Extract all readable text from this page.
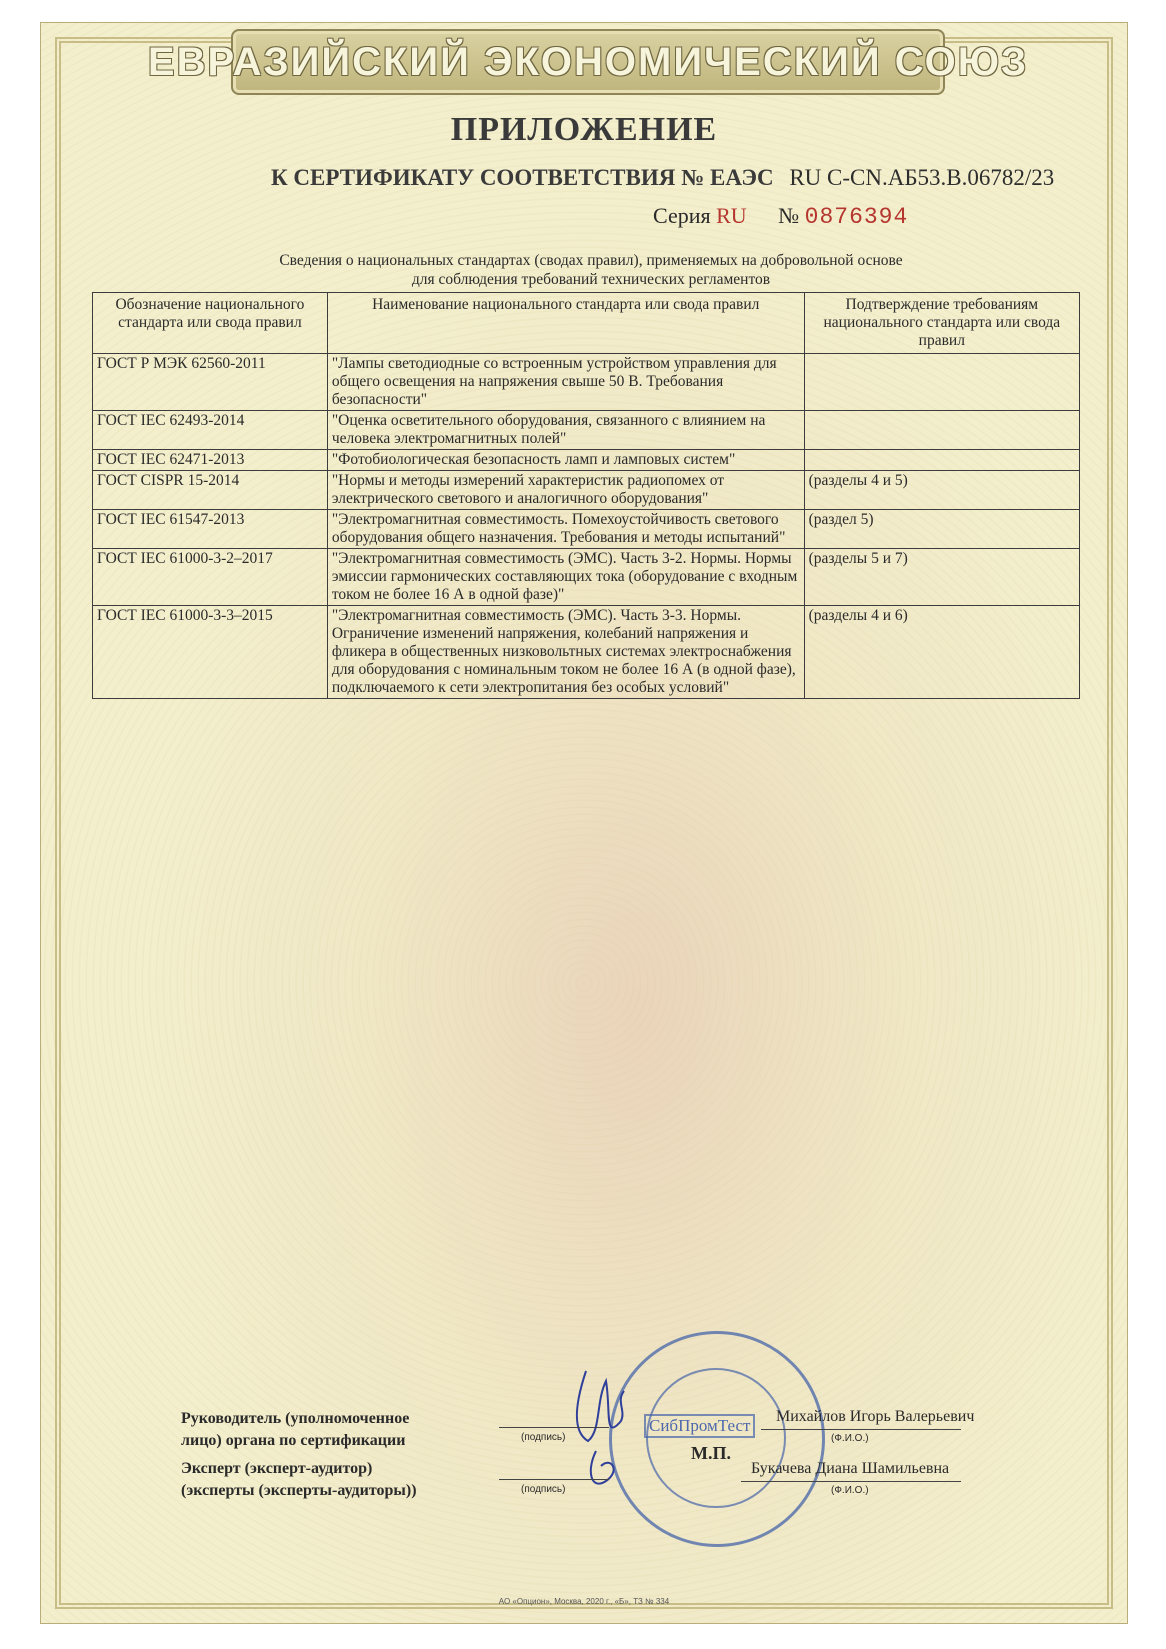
ЕВРАЗИЙСКИЙ ЭКОНОМИЧЕСКИЙ СОЮЗ
ПРИЛОЖЕНИЕ
К СЕРТИФИКАТУ СООТВЕТСТВИЯ № ЕАЭС RU C-CN.АБ53.В.06782/23
Серия RU № 0876394
Сведения о национальных стандартах (сводах правил), применяемых на добровольной основе
для соблюдения требований технических регламентов
Обозначение национального стандарта или свода правил	Наименование национального стандарта или свода правил	Подтверждение требованиям национального стандарта или свода правил
ГОСТ Р МЭК 62560-2011	"Лампы светодиодные со встроенным устройством управления для общего освещения на напряжения свыше 50 В. Требования безопасности"	
ГОСТ IEC 62493-2014	"Оценка осветительного оборудования, связанного с влиянием на человека электромагнитных полей"	
ГОСТ IEC 62471-2013	"Фотобиологическая безопасность ламп и ламповых систем"	
ГОСТ CISPR 15-2014	"Нормы и методы измерений характеристик радиопомех от электрического светового и аналогичного оборудования"	(разделы 4 и 5)
ГОСТ IEC 61547-2013	"Электромагнитная совместимость. Помехоустойчивость светового оборудования общего назначения. Требования и методы испытаний"	(раздел 5)
ГОСТ IEC 61000-3-2–2017	"Электромагнитная совместимость (ЭМС). Часть 3-2. Нормы. Нормы эмиссии гармонических составляющих тока (оборудование с входным током не более 16 А в одной фазе)"	(разделы 5 и 7)
ГОСТ IEC 61000-3-3–2015	"Электромагнитная совместимость (ЭМС). Часть 3-3. Нормы. Ограничение изменений напряжения, колебаний напряжения и фликера в общественных низковольтных системах электроснабжения для оборудования с номинальным током не более 16 А (в одной фазе), подключаемого к сети электропитания без особых условий"	(разделы 4 и 6)
СибПромТест
М.П.
Руководитель (уполномоченное
лицо) органа по сертификации	(подпись)
Михайлов Игорь Валерьевич
(Ф.И.О.)
Эксперт (эксперт-аудитор)
(эксперты (эксперты-аудиторы))	(подпись)
Букачева Диана Шамильевна
(Ф.И.О.)
АО «Опцион», Москва, 2020 г., «Б», ТЗ № 334
